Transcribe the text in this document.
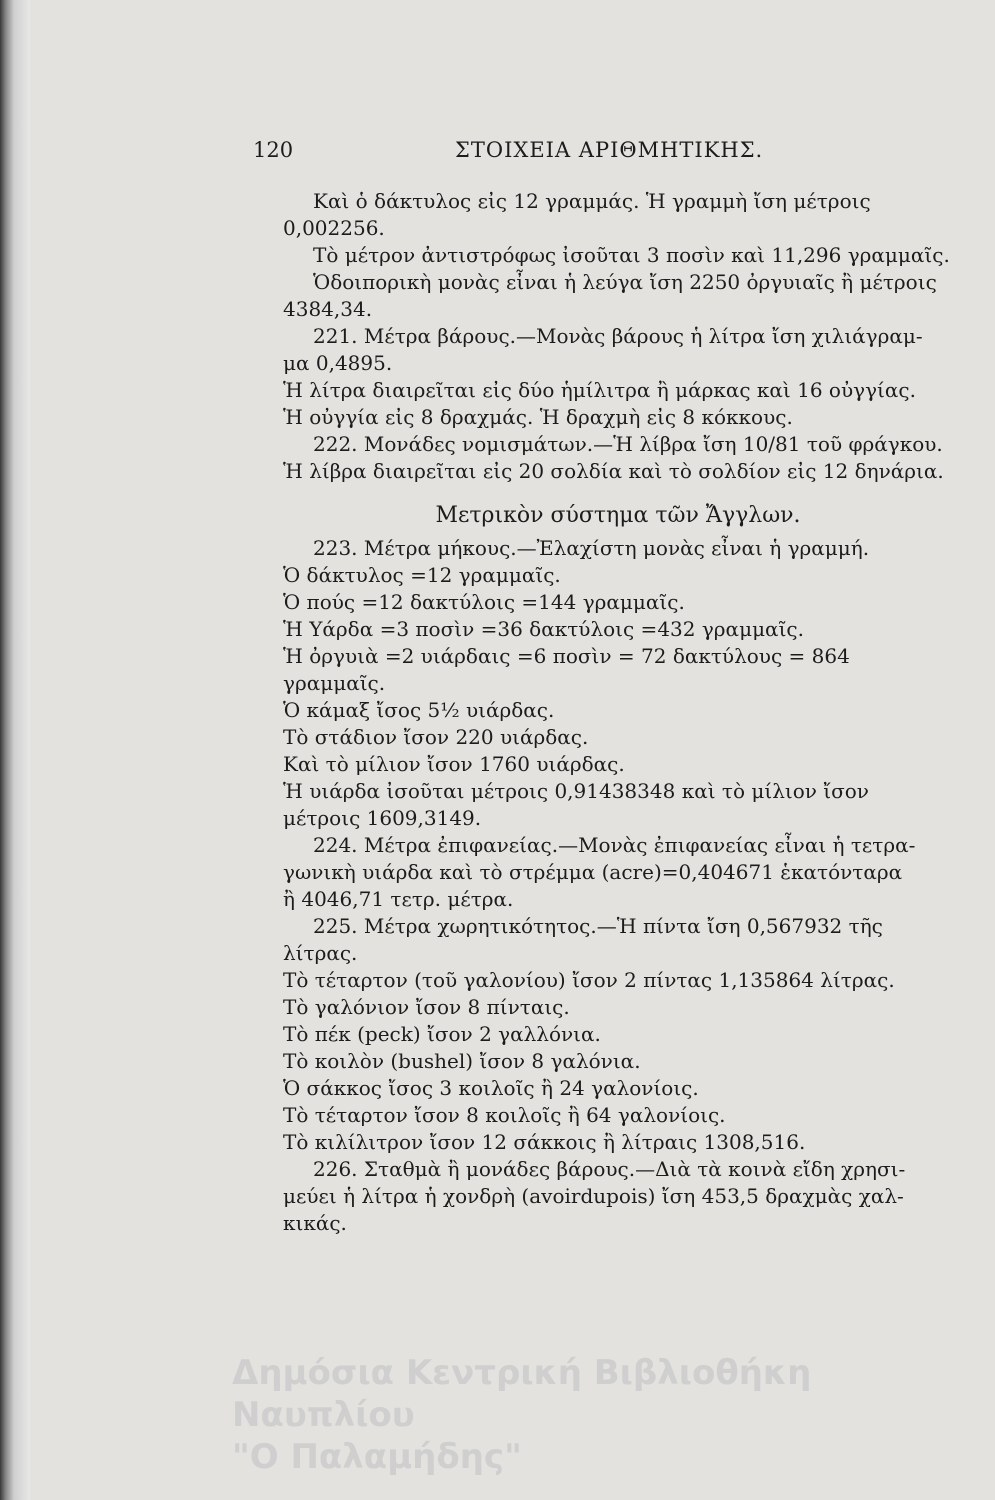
120	ΣΤΟΙΧΕΙΑ ΑΡΙΘΜΗΤΙΚΗΣ.
Καὶ ὁ δάκτυλος εἰς 12 γραμμάς. Ἡ γραμμὴ ἴση μέτροις
0,002256.
Τὸ μέτρον ἀντιστρόφως ἰσοῦται 3 ποσὶν καὶ 11,296 γραμμαῖς.
Ὁδοιπορικὴ μονὰς εἶναι ἡ λεύγα ἴση 2250 ὀργυιαῖς ἢ μέτροις
4384,34.
221. Μέτρα βάρους.—Μονὰς βάρους ἡ λίτρα ἴση χιλιάγραμ-
μα 0,4895.
Ἡ λίτρα διαιρεῖται εἰς δύο ἡμίλιτρα ἢ μάρκας καὶ 16 οὐγγίας.
Ἡ οὐγγία εἰς 8 δραχμάς. Ἡ δραχμὴ εἰς 8 κόκκους.
222. Μονάδες νομισμάτων.—Ἡ λίβρα ἴση 10/81 τοῦ φράγκου.
Ἡ λίβρα διαιρεῖται εἰς 20 σολδία καὶ τὸ σολδίον εἰς 12 δηνάρια.
Μετρικὸν σύστημα τῶν Ἄγγλων.
223. Μέτρα μήκους.—Ἐλαχίστη μονὰς εἶναι ἡ γραμμή.
Ὁ δάκτυλος =12 γραμμαῖς.
Ὁ πούς =12 δακτύλοις =144 γραμμαῖς.
Ἡ Υάρδα =3 ποσὶν =36 δακτύλοις =432 γραμμαῖς.
Ἡ ὀργυιὰ =2 υιάρδαις =6 ποσὶν = 72 δακτύλους = 864
γραμμαῖς.
Ὁ κάμαξ ἴσος 5½ υιάρδας.
Τὸ στάδιον ἴσον 220 υιάρδας.
Καὶ τὸ μίλιον ἴσον 1760 υιάρδας.
Ἡ υιάρδα ἰσοῦται μέτροις 0,91438348 καὶ τὸ μίλιον ἴσον
μέτροις 1609,3149.
224. Μέτρα ἐπιφανείας.—Μονὰς ἐπιφανείας εἶναι ἡ τετρα-
γωνικὴ υιάρδα καὶ τὸ στρέμμα (acre)=0,404671 ἑκατόνταρα
ἢ 4046,71 τετρ. μέτρα.
225. Μέτρα χωρητικότητος.—Ἡ πίντα ἴση 0,567932 τῆς
λίτρας.
Τὸ τέταρτον (τοῦ γαλονίου) ἴσον 2 πίντας 1,135864 λίτρας.
Τὸ γαλόνιον ἴσον 8 πίνταις.
Τὸ πέκ (peck) ἴσον 2 γαλλόνια.
Τὸ κοιλὸν (bushel) ἴσον 8 γαλόνια.
Ὁ σάκκος ἴσος 3 κοιλοῖς ἢ 24 γαλονίοις.
Τὸ τέταρτον ἴσον 8 κοιλοῖς ἢ 64 γαλονίοις.
Τὸ κιλίλιτρον ἴσον 12 σάκκοις ἢ λίτραις 1308,516.
226. Σταθμὰ ἢ μονάδες βάρους.—Διὰ τὰ κοινὰ εἴδη χρησι-
μεύει ἡ λίτρα ἡ χονδρὴ (avoirdupois) ἴση 453,5 δραχμὰς χαλ-
κικάς.
Δημόσια Κεντρική Βιβλιοθήκη Ναυπλίου
"Ο Παλαμήδης"
